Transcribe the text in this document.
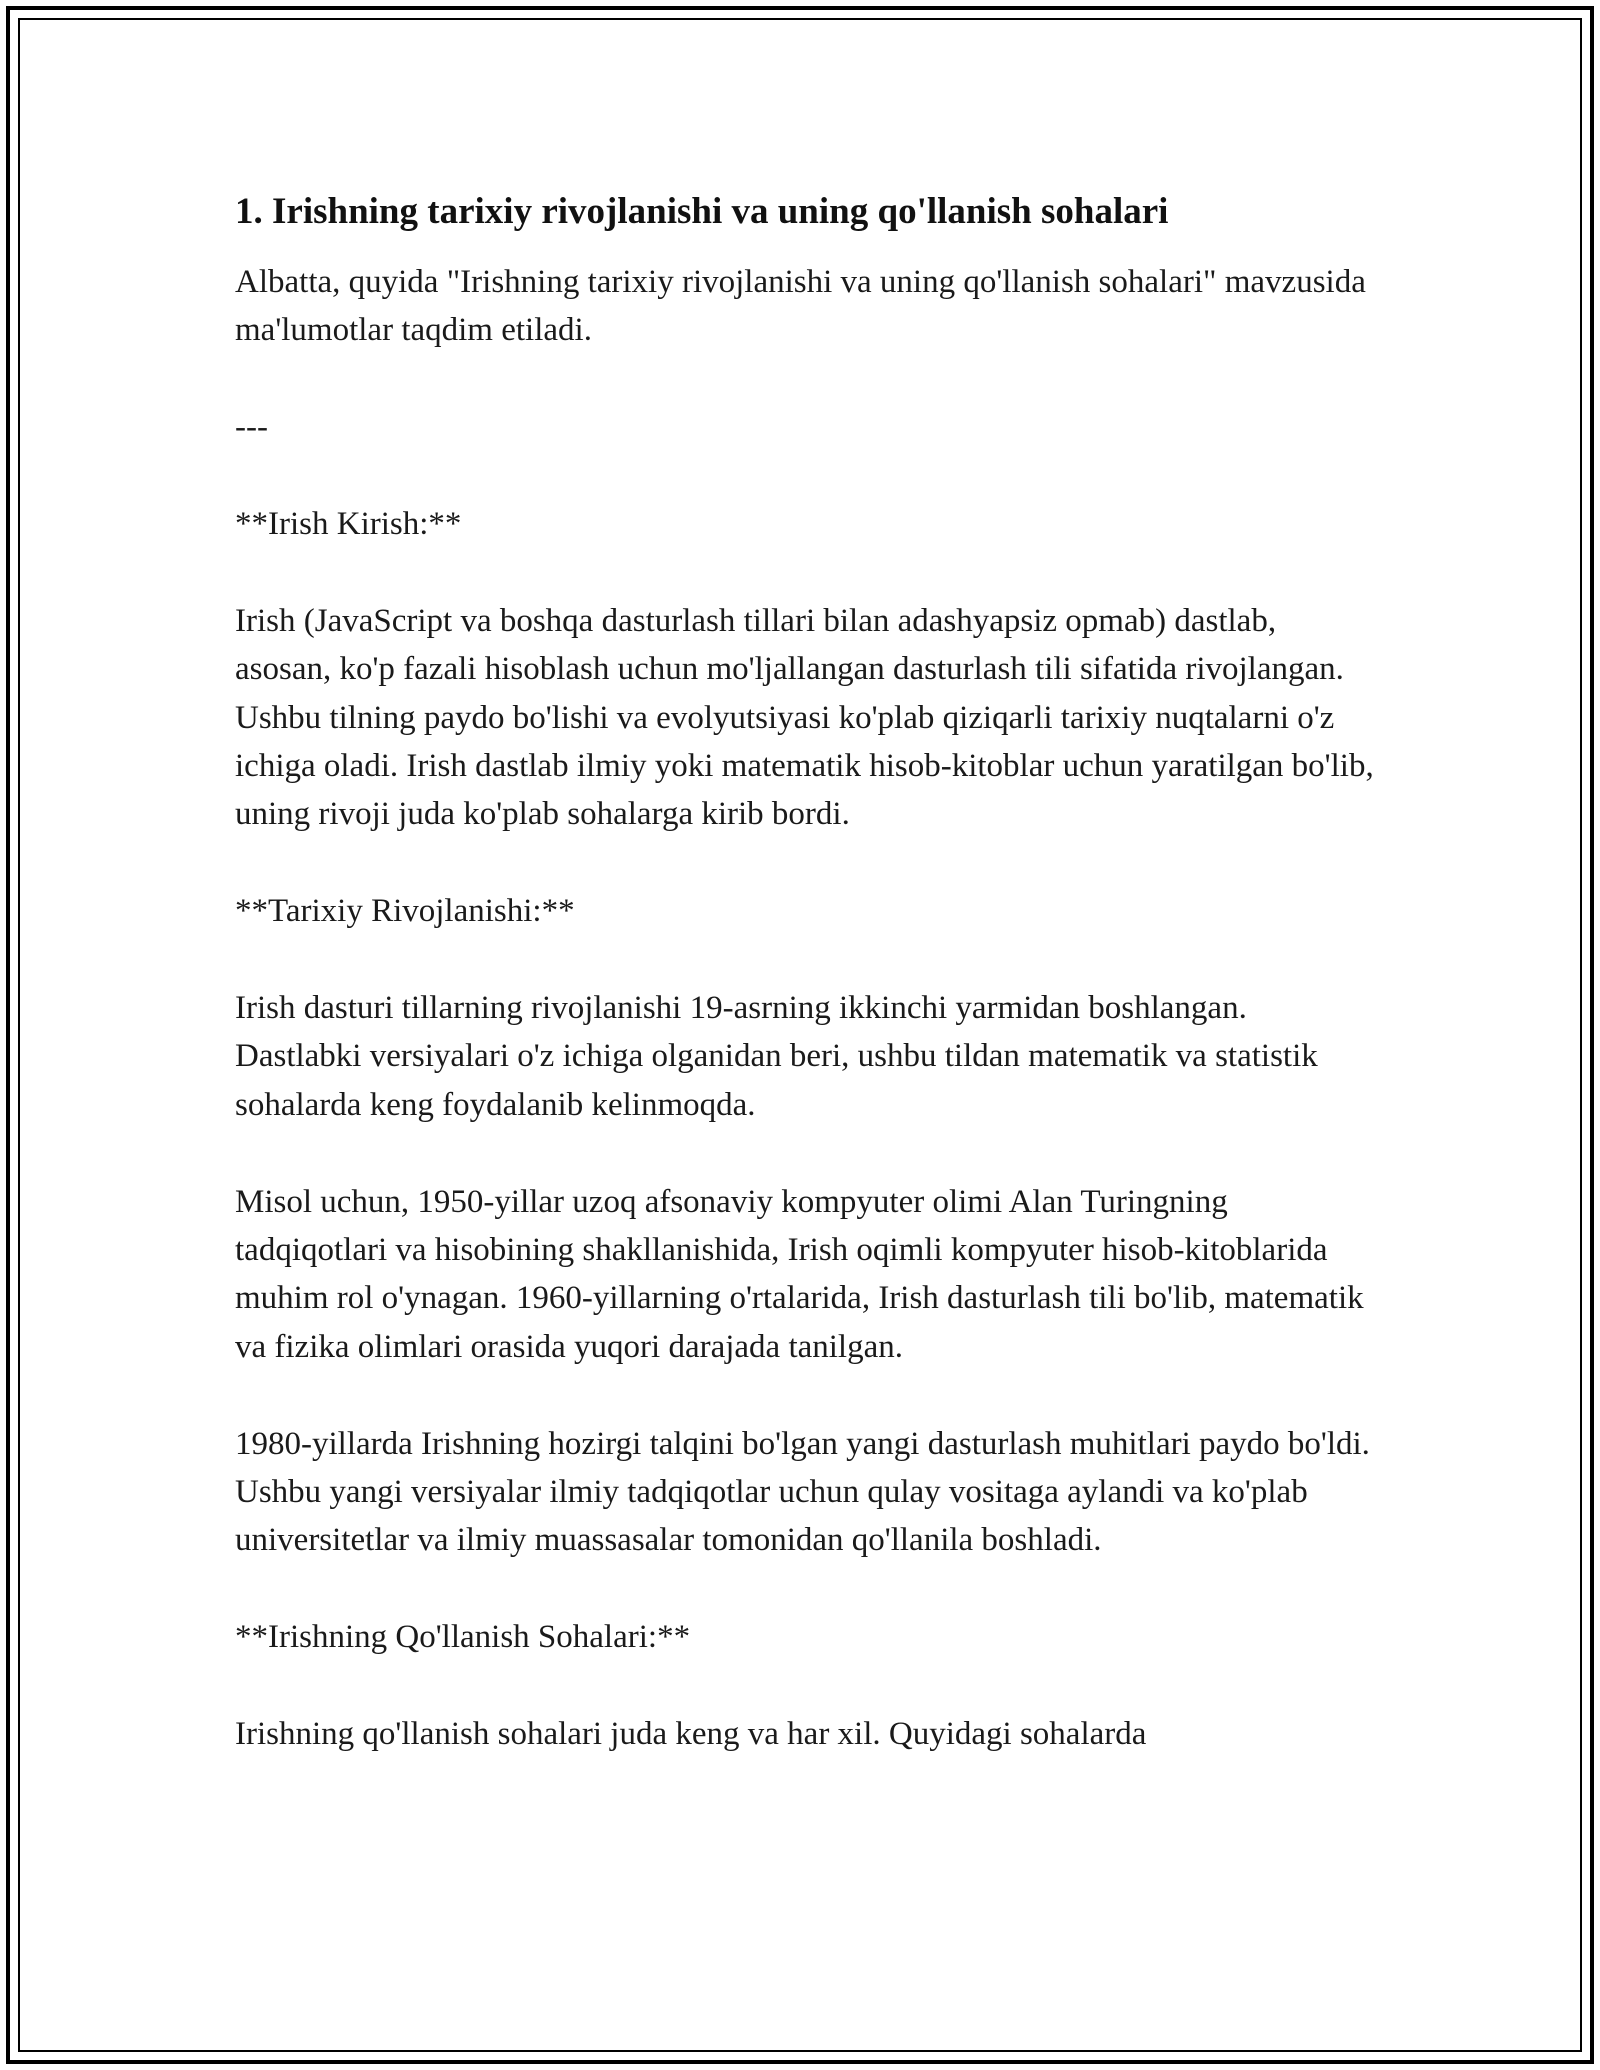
1. Irishning tarixiy rivojlanishi va uning qo'llanish sohalari

Albatta, quyida "Irishning tarixiy rivojlanishi va uning qo'llanish sohalari" mavzusida ma'lumotlar taqdim etiladi.

---

**Irish Kirish:**

Irish (JavaScript va boshqa dasturlash tillari bilan adashyapsiz opmab) dastlab, asosan, ko'p fazali hisoblash uchun mo'ljallangan dasturlash tili sifatida rivojlangan. Ushbu tilning paydo bo'lishi va evolyutsiyasi ko'plab qiziqarli tarixiy nuqtalarni o'z ichiga oladi. Irish dastlab ilmiy yoki matematik hisob-kitoblar uchun yaratilgan bo'lib, uning rivoji juda ko'plab sohalarga kirib bordi.

**Tarixiy Rivojlanishi:**

Irish dasturi tillarning rivojlanishi 19-asrning ikkinchi yarmidan boshlangan. Dastlabki versiyalari o'z ichiga olganidan beri, ushbu tildan matematik va statistik sohalarda keng foydalanib kelinmoqda.

Misol uchun, 1950-yillar uzoq afsonaviy kompyuter olimi Alan Turingning tadqiqotlari va hisobining shakllanishida, Irish oqimli kompyuter hisob-kitoblarida muhim rol o'ynagan. 1960-yillarning o'rtalarida, Irish dasturlash tili bo'lib, matematik va fizika olimlari orasida yuqori darajada tanilgan.

1980-yillarda Irishning hozirgi talqini bo'lgan yangi dasturlash muhitlari paydo bo'ldi. Ushbu yangi versiyalar ilmiy tadqiqotlar uchun qulay vositaga aylandi va ko'plab universitetlar va ilmiy muassasalar tomonidan qo'llanila boshladi.

**Irishning Qo'llanish Sohalari:**

Irishning qo'llanish sohalari juda keng va har xil. Quyidagi sohalarda
